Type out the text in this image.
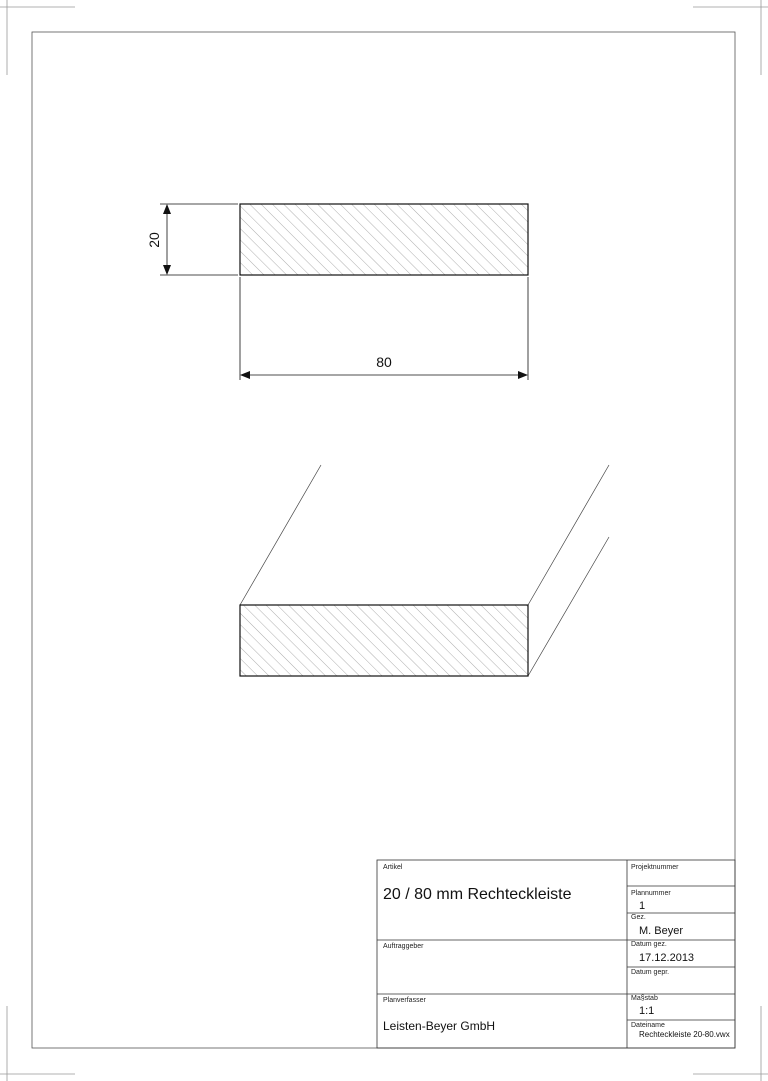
20
80
Artikel
20 / 80 mm Rechteckleiste
Auftraggeber
Planverfasser
Leisten-Beyer GmbH
Projektnummer
Plannummer
1
Gez.
M. Beyer
Datum gez.
17.12.2013
Datum gepr.
Ma§stab
1:1
Dateiname
Rechteckleiste 20-80.vwx
